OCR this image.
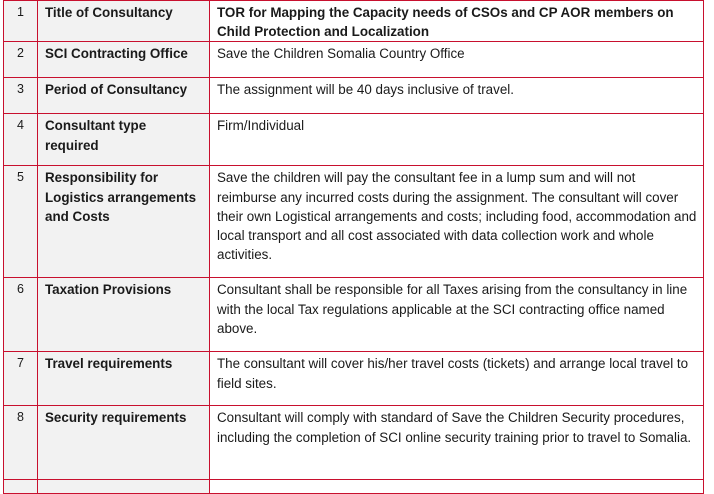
1	Title of Consultancy	TOR for Mapping the Capacity needs of CSOs and CP AOR members on Child Protection and Localization
2	SCI Contracting Office	Save the Children Somalia Country Office
3	Period of Consultancy	The assignment will be 40 days inclusive of travel.
4	Consultant type required	Firm/Individual
5	Responsibility for Logistics arrangements and Costs	Save the children will pay the consultant fee in a lump sum and will not reimburse any incurred costs during the assignment. The consultant will cover their own Logistical arrangements and costs; including food, accommodation and local transport and all cost associated with data collection work and whole activities.
6	Taxation Provisions	Consultant shall be responsible for all Taxes arising from the consultancy in line with the local Tax regulations applicable at the SCI contracting office named above.
7	Travel requirements	The consultant will cover his/her travel costs (tickets) and arrange local travel to field sites.
8	Security requirements	Consultant will comply with standard of Save the Children Security procedures, including the completion of SCI online security training prior to travel to Somalia.
